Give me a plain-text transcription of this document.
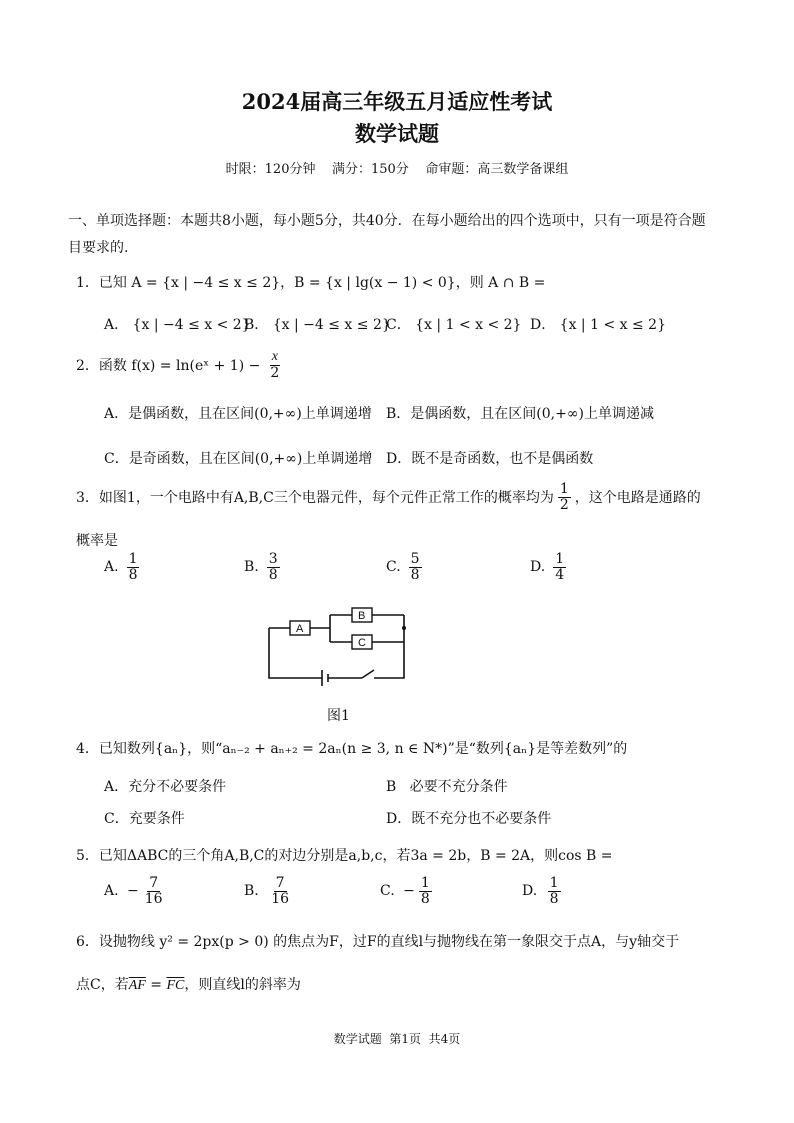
2024届高三年级五月适应性考试
数学试题
时限：120分钟    满分：150分    命审题：高三数学备课组
一、单项选择题：本题共8小题，每小题5分，共40分．在每小题给出的四个选项中，只有一项是符合题
目要求的.
1．已知 A = {x | −4 ≤ x ≤ 2}，B = {x | lg(x − 1) < 0}，则 A ∩ B =
A． {x | −4 ≤ x < 2}
B． {x | −4 ≤ x ≤ 2}
C． {x | 1 < x < 2} D． {x | 1 < x ≤ 2}
2．函数 f(x) = ln(eˣ + $1) - \frac{x}{2}$
A．是偶函数，且在区间(0,+∞)上单调递增 B．是偶函数，且在区间(0,+∞)上单调递减
C．是奇函数，且在区间(0,+∞)上单调递增 D．既不是奇函数，也不是偶函数
3．如图1，一个电路中有A,B,C三个电器元件，每个元件正常工作的概率均为 $\frac{1}{2}$ ，这个电路是通路的
概率是
A. $\frac{1}{8}$	B. $\frac{3}{8}$	C. $\frac{5}{8}$	D. $\frac{1}{4}$
A
B
C
图1
4．已知数列{aₙ}，则“aₙ₋₂ + aₙ₊₂ = 2aₙ(n ≥ 3, n ∈ N*)”是“数列{aₙ}是等差数列”的
A．充分不必要条件	B   必要不充分条件
C．充要条件	D．既不充分也不必要条件
5．已知ΔABC的三个角A,B,C的对边分别是a,b,c，若3a = 2b，B = 2A，则cos B =
A.
− $\frac{7}{16}$	B.
$\frac{7}{16}$	C.
− $\frac{1}{8}$	D.
$\frac{1}{8}$
6．设抛物线 y² = 2px(p > 0) 的焦点为F，过F的直线l与抛物线在第一象限交于点A，与y轴交于
点C，若$\overline{AF} = \overline{FC}$，则直线l的斜率为
数学试题  第1页  共4页
